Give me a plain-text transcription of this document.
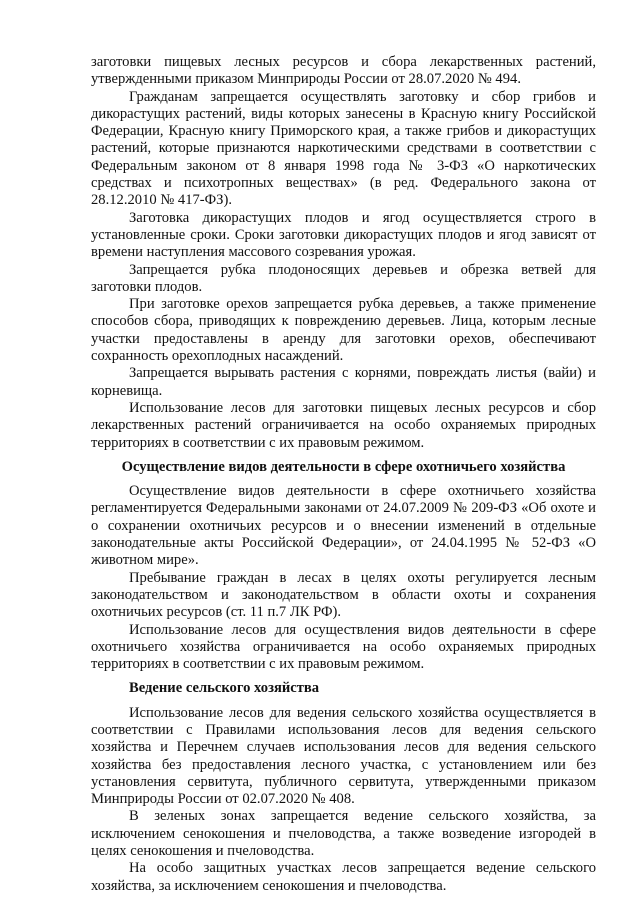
заготовки пищевых лесных ресурсов и сбора лекарственных растений, утвержденными приказом Минприроды России от 28.07.2020 № 494.

Гражданам запрещается осуществлять заготовку и сбор грибов и дикорастущих растений, виды которых занесены в Красную книгу Российской Федерации, Красную книгу Приморского края, а также грибов и дикорастущих растений, которые признаются наркотическими средствами в соответствии с Федеральным законом от 8 января 1998 года № 3-ФЗ «О наркотических средствах и психотропных веществах» (в ред. Федерального закона от 28.12.2010 № 417-ФЗ).

Заготовка дикорастущих плодов и ягод осуществляется строго в установленные сроки. Сроки заготовки дикорастущих плодов и ягод зависят от времени наступления массового созревания урожая.

Запрещается рубка плодоносящих деревьев и обрезка ветвей для заготовки плодов.

При заготовке орехов запрещается рубка деревьев, а также применение способов сбора, приводящих к повреждению деревьев. Лица, которым лесные участки предоставлены в аренду для заготовки орехов, обеспечивают сохранность орехоплодных насаждений.

Запрещается вырывать растения с корнями, повреждать листья (вайи) и корневища.

Использование лесов для заготовки пищевых лесных ресурсов и сбор лекарственных растений ограничивается на особо охраняемых природных территориях в соответствии с их правовым режимом.

Осуществление видов деятельности в сфере охотничьего хозяйства

Осуществление видов деятельности в сфере охотничьего хозяйства регламентируется Федеральными законами от 24.07.2009 № 209-ФЗ «Об охоте и о сохранении охотничьих ресурсов и о внесении изменений в отдельные законодательные акты Российской Федерации», от 24.04.1995 № 52-ФЗ «О животном мире».

Пребывание граждан в лесах в целях охоты регулируется лесным законодательством и законодательством в области охоты и сохранения охотничьих ресурсов (ст. 11 п.7 ЛК РФ).

Использование лесов для осуществления видов деятельности в сфере охотничьего хозяйства ограничивается на особо охраняемых природных территориях в соответствии с их правовым режимом.

Ведение сельского хозяйства

Использование лесов для ведения сельского хозяйства осуществляется в соответствии с Правилами использования лесов для ведения сельского хозяйства и Перечнем случаев использования лесов для ведения сельского хозяйства без предоставления лесного участка, с установлением или без установления сервитута, публичного сервитута, утвержденными приказом Минприроды России от 02.07.2020 № 408.

В зеленых зонах запрещается ведение сельского хозяйства, за исключением сенокошения и пчеловодства, а также возведение изгородей в целях сенокошения и пчеловодства.

На особо защитных участках лесов запрещается ведение сельского хозяйства, за исключением сенокошения и пчеловодства.
